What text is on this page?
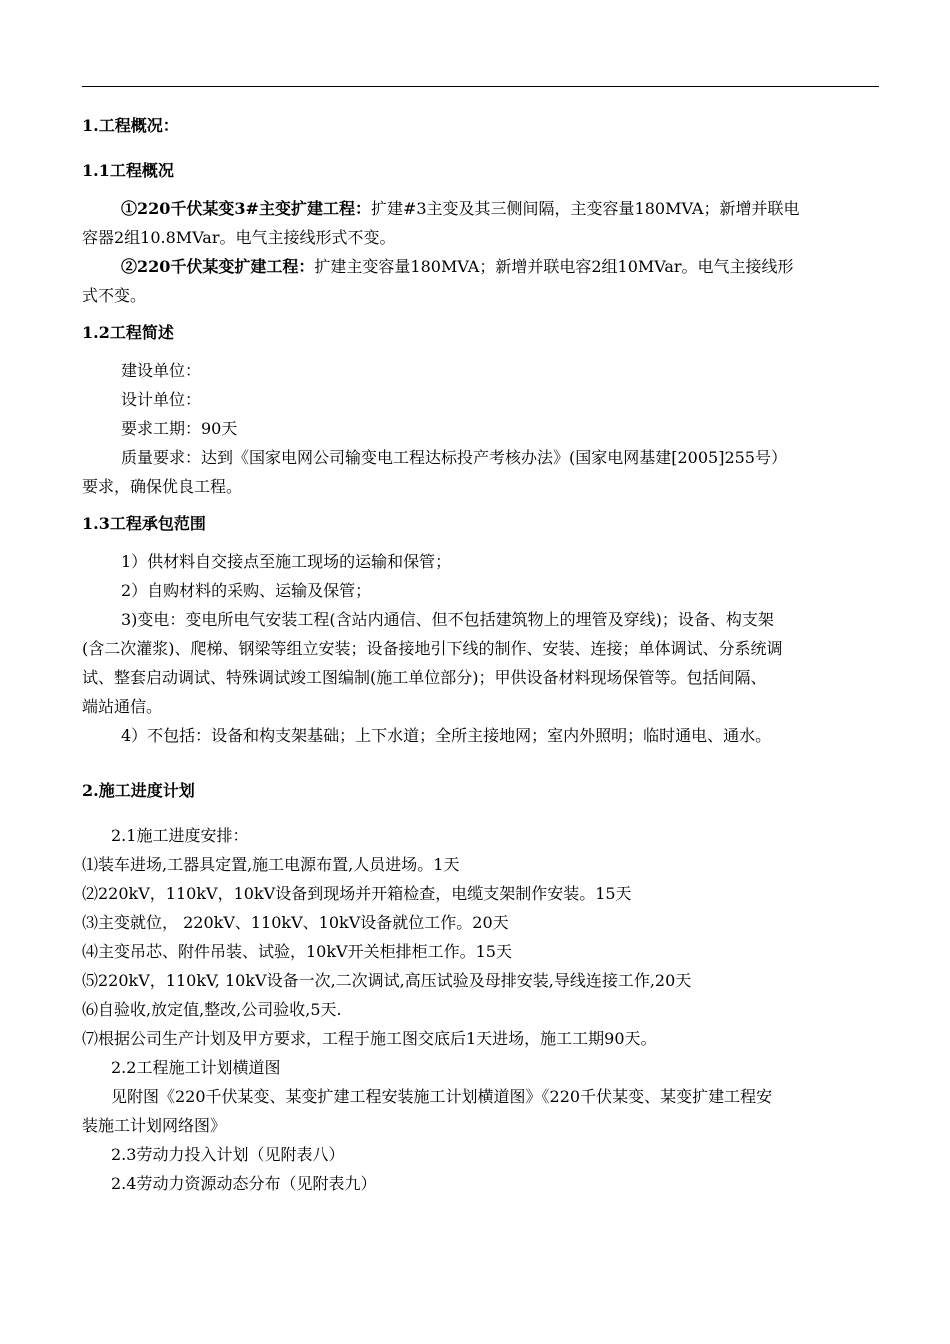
1.工程概况：
1.1工程概况
①220千伏某变3#主变扩建工程：扩建#3主变及其三侧间隔，主变容量180MVA；新增并联电
容器2组10.8MVar。电气主接线形式不变。
②220千伏某变扩建工程：扩建主变容量180MVA；新增并联电容2组10MVar。电气主接线形
式不变。
1.2工程简述
建设单位：
设计单位：
要求工期：90天
质量要求：达到《国家电网公司输变电工程达标投产考核办法》(国家电网基建[2005]255号）
要求，确保优良工程。
1.3工程承包范围
1）供材料自交接点至施工现场的运输和保管；
2）自购材料的采购、运输及保管；
3)变电：变电所电气安装工程(含站内通信、但不包括建筑物上的埋管及穿线)；设备、构支架
(含二次灌浆)、爬梯、钢梁等组立安装；设备接地引下线的制作、安装、连接；单体调试、分系统调
试、整套启动调试、特殊调试竣工图编制(施工单位部分)；甲供设备材料现场保管等。包括间隔、
端站通信。
4）不包括：设备和构支架基础；上下水道；全所主接地网；室内外照明；临时通电、通水。
2.施工进度计划
2.1施工进度安排：
⑴装车进场,工器具定置,施工电源布置,人员进场。1天
⑵220kV，110kV，10kV设备到现场并开箱检查，电缆支架制作安装。15天
⑶主变就位， 220kV、110kV、10kV设备就位工作。20天
⑷主变吊芯、附件吊装、试验，10kV开关柜排柜工作。15天
⑸220kV，110kV, 10kV设备一次,二次调试,高压试验及母排安装,导线连接工作,20天
⑹自验收,放定值,整改,公司验收,5天.
⑺根据公司生产计划及甲方要求，工程于施工图交底后1天进场，施工工期90天。
2.2工程施工计划横道图
见附图《220千伏某变、某变扩建工程安装施工计划横道图》《220千伏某变、某变扩建工程安
装施工计划网络图》
2.3劳动力投入计划（见附表八）
2.4劳动力资源动态分布（见附表九）
